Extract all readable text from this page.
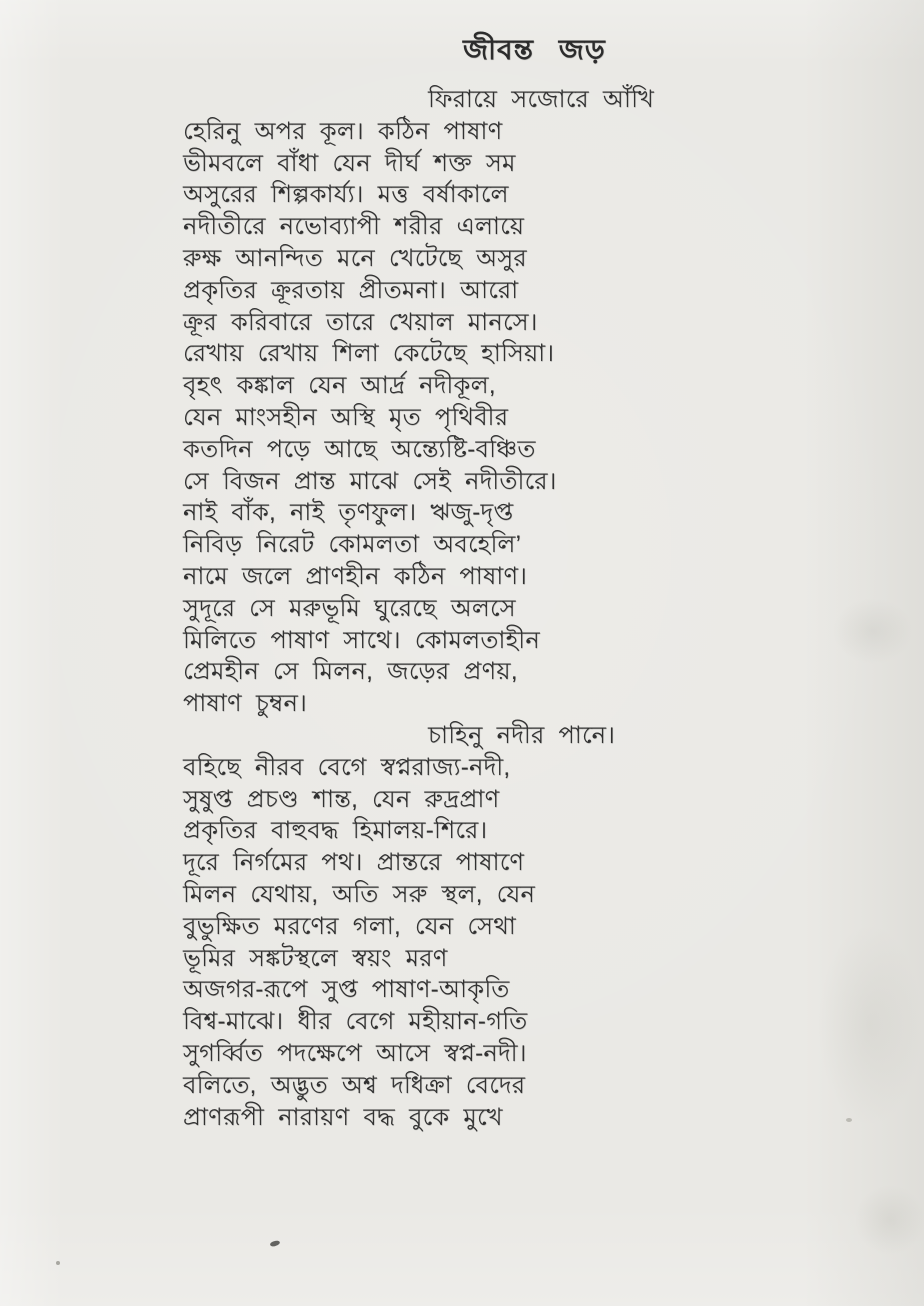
জীবন্ত জড়
ফিরায়ে সজোরে আঁখি
হেরিনু অপর কূল। কঠিন পাষাণ
ভীমবলে বাঁধা যেন দীর্ঘ শক্ত সম
অসুরের শিল্পকার্য্য। মত্ত বর্ষাকালে
নদীতীরে নভোব্যাপী শরীর এলায়ে
রুক্ষ আনন্দিত মনে খেটেছে অসুর
প্রকৃতির ক্রূরতায় প্রীতমনা। আরো
ক্রূর করিবারে তারে খেয়াল মানসে।
রেখায় রেখায় শিলা কেটেছে হাসিয়া।
বৃহৎ কঙ্কাল যেন আর্দ্র নদীকূল,
যেন মাংসহীন অস্থি মৃত পৃথিবীর
কতদিন পড়ে আছে অন্ত্যেষ্টি-বঞ্চিত
সে বিজন প্রান্ত মাঝে সেই নদীতীরে।
নাই বাঁক, নাই তৃণফুল। ঋজু-দৃপ্ত
নিবিড় নিরেট কোমলতা অবহেলি’
নামে জলে প্রাণহীন কঠিন পাষাণ।
সুদূরে সে মরুভূমি ঘুরেছে অলসে
মিলিতে পাষাণ সাথে। কোমলতাহীন
প্রেমহীন সে মিলন, জড়ের প্রণয়,
পাষাণ চুম্বন।
চাহিনু নদীর পানে।
বহিছে নীরব বেগে স্বপ্নরাজ্য-নদী,
সুষুপ্ত প্রচণ্ড শান্ত, যেন রুদ্রপ্রাণ
প্রকৃতির বাহুবদ্ধ হিমালয়-শিরে।
দূরে নির্গমের পথ। প্রান্তরে পাষাণে
মিলন যেথায়, অতি সরু স্থল, যেন
বুভুক্ষিত মরণের গলা, যেন সেথা
ভূমির সঙ্কটস্থলে স্বয়ং মরণ
অজগর-রূপে সুপ্ত পাষাণ-আকৃতি
বিশ্ব-মাঝে। ধীর বেগে মহীয়ান-গতি
সুগর্ব্বিত পদক্ষেপে আসে স্বপ্ন-নদী।
বলিতে, অদ্ভুত অশ্ব দধিক্রা বেদের
প্রাণরূপী নারায়ণ বদ্ধ বুকে মুখে
